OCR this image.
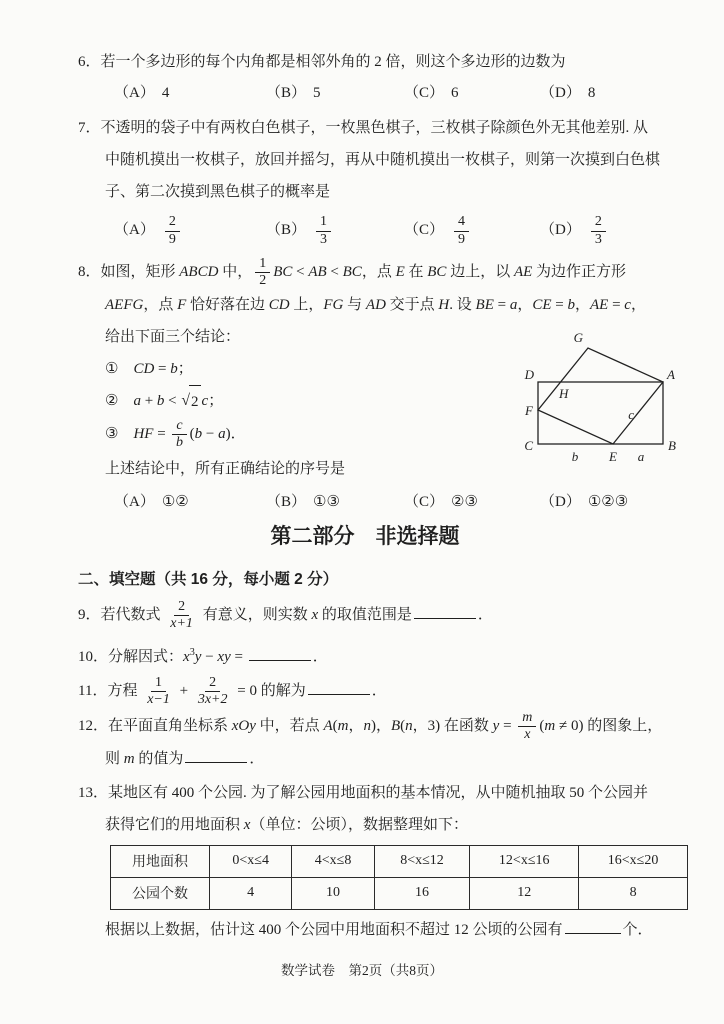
6．若一个多边形的每个内角都是相邻外角的 2 倍，则这个多边形的边数为
（A） 4	（B） 5	（C） 6	（D） 8
7．不透明的袋子中有两枚白色棋子，一枚黑色棋子，三枚棋子除颜色外无其他差别. 从
中随机摸出一枚棋子，放回并摇匀，再从中随机摸出一枚棋子，则第一次摸到白色棋
子、第二次摸到黑色棋子的概率是
$(A) \frac{2}{9}$	$(B) \frac{1}{3}$	$(C) \frac{4}{9}$	$(D) \frac{2}{3}$
8．如图，矩形 ABCD 中， $\frac{1}{2}$ BC < AB < BC，点 E 在 BC 边上，以 AE 为边作正方形
AEFG，点 F 恰好落在边 CD 上，FG 与 AD 交于点 H. 设 BE = a，CE = b，AE = c，
给出下面三个结论：
①　CD = b；
②　a + b < √ 2 c；
③　HF = $\frac{c}{b} (b - a)$．
上述结论中，所有正确结论的序号是
（A） ①②	（B） ①③	（C） ②③	（D） ①②③
G
D
H
A
F	c
C	B
b E a
第二部分　非选择题
二、填空题（共 16 分，每小题 2 分）
9．若代数式 $\frac{2}{x+1}$ 有意义，则实数 x 的取值范围是	．
10．分解因式：$x^3y$ − xy =	．
11．方程 $\frac{1}{x-1} + \frac{2}{3x+2} = 0$ 的解为	．
12．在平面直角坐标系 xOy 中，若点 A(m，n)，B(n，3) 在函数 $y = \frac{m}{x} (m \ne 0)$ 的图象上，
则 m 的值为	．
13．某地区有 400 个公园. 为了解公园用地面积的基本情况，从中随机抽取 50 个公园并
获得它们的用地面积 x（单位：公顷），数据整理如下：
用地面积	0<x≤4	4<x≤8	8<x≤12	12<x≤16	16<x≤20
公园个数	4	10	16	12	8
根据以上数据，估计这 400 个公园中用地面积不超过 12 公顷的公园有	个．
数学试卷　第2页（共8页）
